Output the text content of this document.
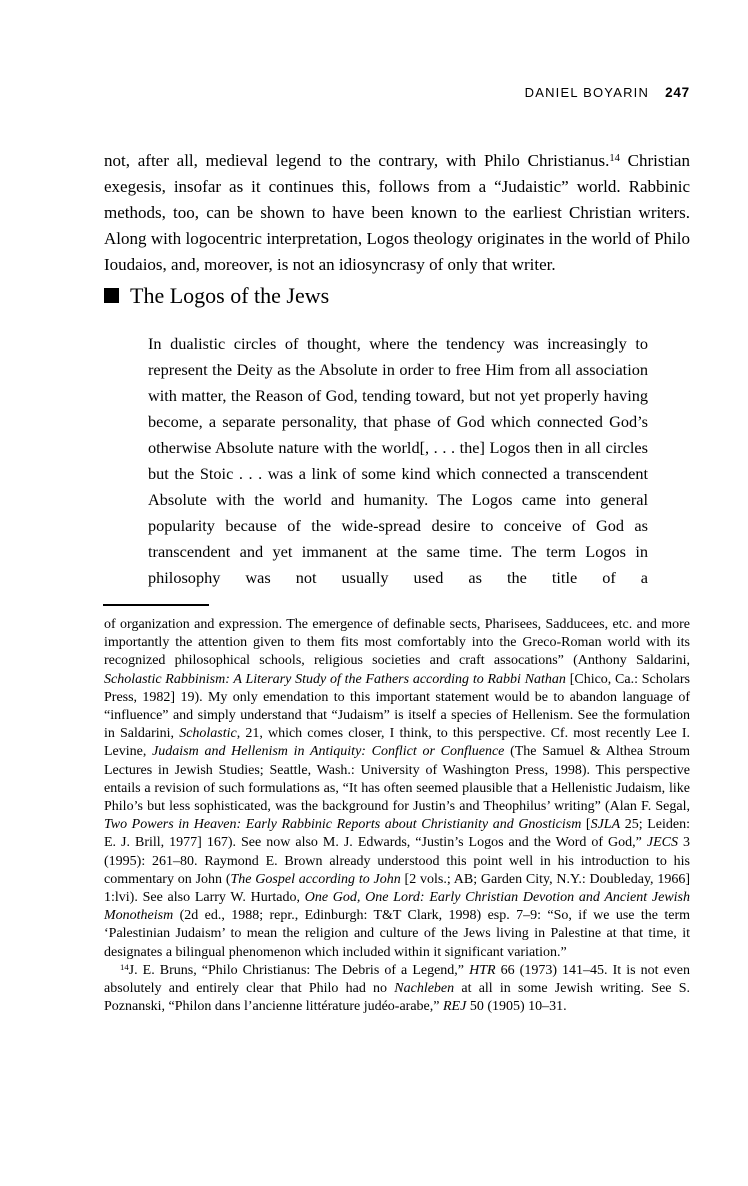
DANIEL BOYARIN 247

not, after all, medieval legend to the contrary, with Philo Christianus.$^{14}$ Christian exegesis, insofar as it continues this, follows from a “Judaistic” world. Rabbinic methods, too, can be shown to have been known to the earliest Christian writers. Along with logocentric interpretation, Logos theology originates in the world of Philo Ioudaios, and, moreover, is not an idiosyncrasy of only that writer.

The Logos of the Jews
In dualistic circles of thought, where the tendency was increasingly to represent the Deity as the Absolute in order to free Him from all association with matter, the Reason of God, tending toward, but not yet properly having become, a separate personality, that phase of God which connected God’s otherwise Absolute nature with the world[, . . . the] Logos then in all circles but the Stoic . . . was a link of some kind which connected a transcendent Absolute with the world and humanity. The Logos came into general popularity because of the wide-spread desire to conceive of God as transcendent and yet immanent at the same time. The term Logos in philosophy was not usually used as the title of a

of organization and expression. The emergence of definable sects, Pharisees, Sadducees, etc. and more importantly the attention given to them fits most comfortably into the Greco-Roman world with its recognized philosophical schools, religious societies and craft assocations” (Anthony Saldarini, Scholastic Rabbinism: A Literary Study of the Fathers according to Rabbi Nathan [Chico, Ca.: Scholars Press, 1982] 19). My only emendation to this important statement would be to abandon language of “influence” and simply understand that “Judaism” is itself a species of Hellenism. See the formulation in Saldarini, Scholastic, 21, which comes closer, I think, to this perspective. Cf. most recently Lee I. Levine, Judaism and Hellenism in Antiquity: Conflict or Confluence (The Samuel & Althea Stroum Lectures in Jewish Studies; Seattle, Wash.: University of Washington Press, 1998). This perspective entails a revision of such formulations as, “It has often seemed plausible that a Hellenistic Judaism, like Philo’s but less sophisticated, was the background for Justin’s and Theophilus’ writing” (Alan F. Segal, Two Powers in Heaven: Early Rabbinic Reports about Christianity and Gnosticism [SJLA 25; Leiden: E. J. Brill, 1977] 167). See now also M. J. Edwards, “Justin’s Logos and the Word of God,” JECS 3 (1995): 261–80. Raymond E. Brown already understood this point well in his introduction to his commentary on John (The Gospel according to John [2 vols.; AB; Garden City, N.Y.: Doubleday, 1966] 1:lvi). See also Larry W. Hurtado, One God, One Lord: Early Christian Devotion and Ancient Jewish Monotheism (2d ed., 1988; repr., Edinburgh: T&T Clark, 1998) esp. 7–9: “So, if we use the term ‘Palestinian Judaism’ to mean the religion and culture of the Jews living in Palestine at that time, it designates a bilingual phenomenon which included within it significant variation.”

$^{14}$J. E. Bruns, “Philo Christianus: The Debris of a Legend,” HTR 66 (1973) 141–45. It is not even absolutely and entirely clear that Philo had no Nachleben at all in some Jewish writing. See S. Poznanski, “Philon dans l’ancienne littérature judéo-arabe,” REJ 50 (1905) 10–31.
